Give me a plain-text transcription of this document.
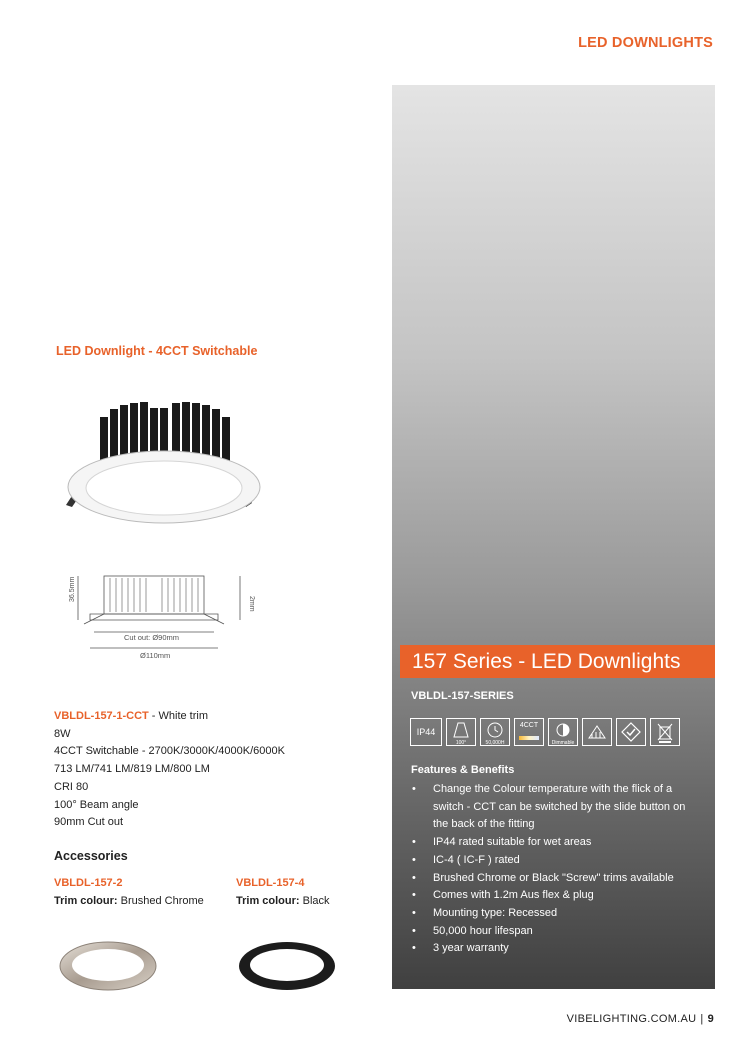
LED DOWNLIGHTS
LED Downlight - 4CCT Switchable
36.5mm
2mm
Cut out: Ø90mm
Ø110mm
VBLDL-157-1-CCT - White trim
8W
4CCT Switchable - 2700K/3000K/4000K/6000K
713 LM/741 LM/819 LM/800 LM
CRI 80
100° Beam angle
90mm Cut out
Accessories
VBLDL-157-2
Trim colour: Brushed Chrome
VBLDL-157-4
Trim colour: Black
157 Series - LED Downlights
VBLDL-157-SERIES
IP44
100°	50,000H
4CCT
Dimmable
Features & Benefits
• Change the Colour temperature with the flick of a switch - CCT can be switched by the slide button on the back of the fitting
• IP44 rated suitable for wet areas
• IC-4 ( IC-F ) rated
• Brushed Chrome or Black "Screw" trims available
• Comes with 1.2m Aus flex & plug
• Mounting type: Recessed
• 50,000 hour lifespan
• 3 year warranty
VIBELIGHTING.COM.AU | 9
